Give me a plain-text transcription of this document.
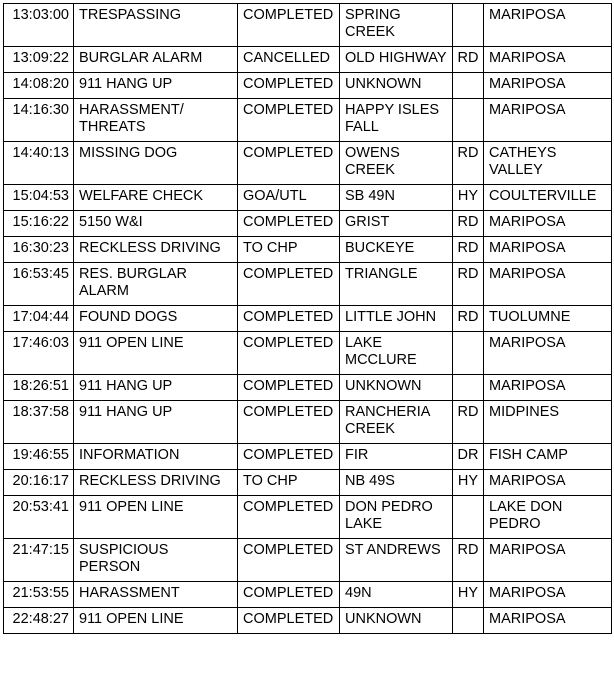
13:03:00	TRESPASSING	COMPLETED	SPRING CREEK		MARIPOSA
13:09:22	BURGLAR ALARM	CANCELLED	OLD HIGHWAY	RD	MARIPOSA
14:08:20	911 HANG UP	COMPLETED	UNKNOWN		MARIPOSA
14:16:30	HARASSMENT/ THREATS	COMPLETED	HAPPY ISLES FALL		MARIPOSA
14:40:13	MISSING DOG	COMPLETED	OWENS CREEK	RD	CATHEYS VALLEY
15:04:53	WELFARE CHECK	GOA/UTL	SB 49N	HY	COULTERVILLE
15:16:22	5150 W&I	COMPLETED	GRIST	RD	MARIPOSA
16:30:23	RECKLESS DRIVING	TO CHP	BUCKEYE	RD	MARIPOSA
16:53:45	RES. BURGLAR ALARM	COMPLETED	TRIANGLE	RD	MARIPOSA
17:04:44	FOUND DOGS	COMPLETED	LITTLE JOHN	RD	TUOLUMNE
17:46:03	911 OPEN LINE	COMPLETED	LAKE MCCLURE		MARIPOSA
18:26:51	911 HANG UP	COMPLETED	UNKNOWN		MARIPOSA
18:37:58	911 HANG UP	COMPLETED	RANCHERIA CREEK	RD	MIDPINES
19:46:55	INFORMATION	COMPLETED	FIR	DR	FISH CAMP
20:16:17	RECKLESS DRIVING	TO CHP	NB 49S	HY	MARIPOSA
20:53:41	911 OPEN LINE	COMPLETED	DON PEDRO LAKE		LAKE DON PEDRO
21:47:15	SUSPICIOUS PERSON	COMPLETED	ST ANDREWS	RD	MARIPOSA
21:53:55	HARASSMENT	COMPLETED	49N	HY	MARIPOSA
22:48:27	911 OPEN LINE	COMPLETED	UNKNOWN		MARIPOSA
